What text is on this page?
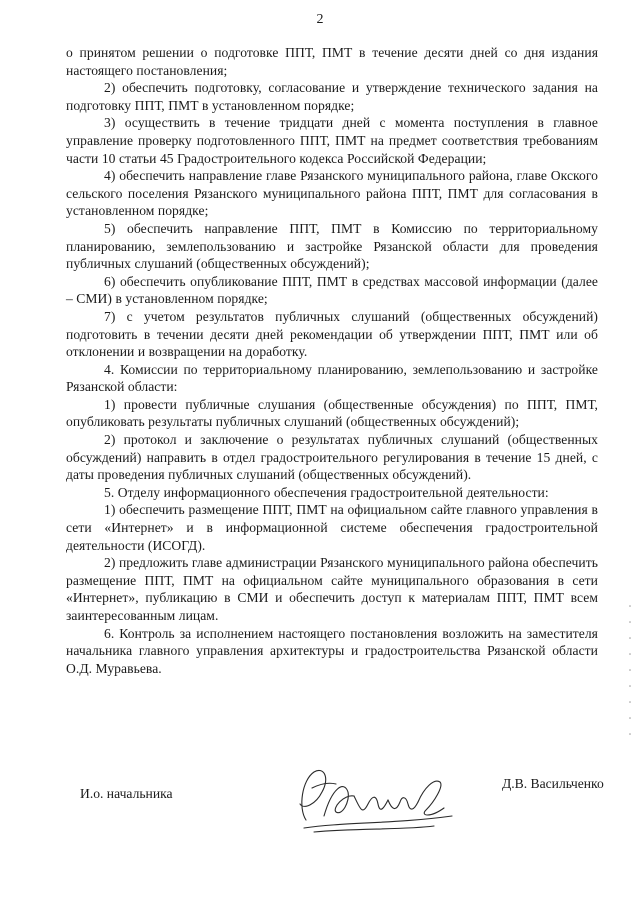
2

о принятом решении о подготовке ППТ, ПМТ в течение десяти дней со дня издания настоящего постановления;

2) обеспечить подготовку, согласование и утверждение технического задания на подготовку ППТ, ПМТ в установленном порядке;

3) осуществить в течение тридцати дней с момента поступления в главное управление проверку подготовленного ППТ, ПМТ на предмет соответствия требованиям части 10 статьи 45 Градостроительного кодекса Российской Федерации;

4) обеспечить направление главе Рязанского муниципального района, главе Окского сельского поселения Рязанского муниципального района ППТ, ПМТ для согласования в установленном порядке;

5) обеспечить направление ППТ, ПМТ в Комиссию по территориальному планированию, землепользованию и застройке Рязанской области для проведения публичных слушаний (общественных обсуждений);

6) обеспечить опубликование ППТ, ПМТ в средствах массовой информации (далее – СМИ) в установленном порядке;

7) с учетом результатов публичных слушаний (общественных обсуждений) подготовить в течении десяти дней рекомендации об утверждении ППТ, ПМТ или об отклонении и возвращении на доработку.

4. Комиссии по территориальному планированию, землепользованию и застройке Рязанской области:

1) провести публичные слушания (общественные обсуждения) по ППТ, ПМТ, опубликовать результаты публичных слушаний (общественных обсуждений);

2) протокол и заключение о результатах публичных слушаний (общественных обсуждений) направить в отдел градостроительного регулирования в течение 15 дней, с даты проведения публичных слушаний (общественных обсуждений).

5. Отделу информационного обеспечения градостроительной деятельности:

1) обеспечить размещение ППТ, ПМТ на официальном сайте главного управления в сети «Интернет» и в информационной системе обеспечения градостроительной деятельности (ИСОГД).

2) предложить главе администрации Рязанского муниципального района обеспечить размещение ППТ, ПМТ на официальном сайте муниципального образования в сети «Интернет», публикацию в СМИ и обеспечить доступ к материалам ППТ, ПМТ всем заинтересованным лицам.

6. Контроль за исполнением настоящего постановления возложить на заместителя начальника главного управления архитектуры и градостроительства Рязанской области О.Д. Муравьева.

И.о. начальника
Д.В. Васильченко
